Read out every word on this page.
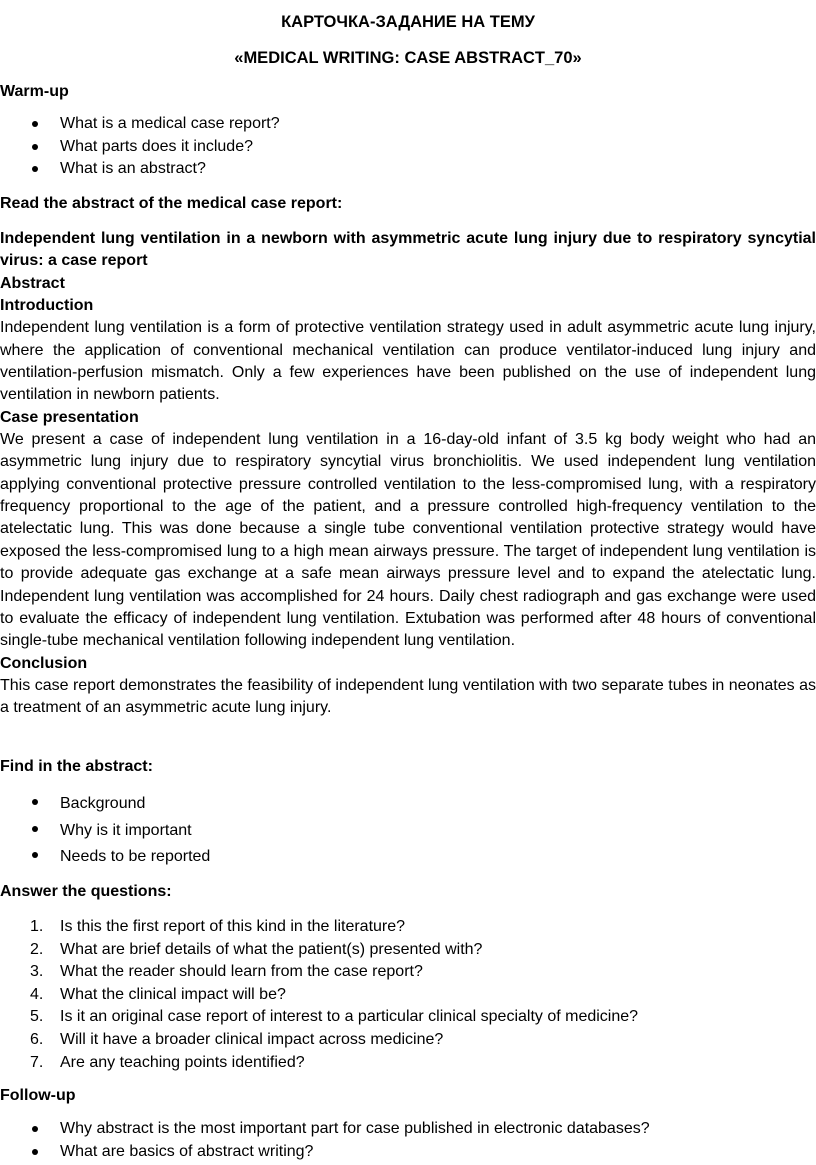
КАРТОЧКА-ЗАДАНИЕ НА ТЕМУ

«MEDICAL WRITING: CASE ABSTRACT_70»

Warm-up
What is a medical case report?
What parts does it include?
What is an abstract?
Read the abstract of the medical case report:

Independent lung ventilation in a newborn with asymmetric acute lung injury due to respiratory syncytial virus: a case report

Abstract

Introduction

Independent lung ventilation is a form of protective ventilation strategy used in adult asymmetric acute lung injury, where the application of conventional mechanical ventilation can produce ventilator-induced lung injury and ventilation-perfusion mismatch. Only a few experiences have been published on the use of independent lung ventilation in newborn patients.

Case presentation

We present a case of independent lung ventilation in a 16-day-old infant of 3.5 kg body weight who had an asymmetric lung injury due to respiratory syncytial virus bronchiolitis. We used independent lung ventilation applying conventional protective pressure controlled ventilation to the less-compromised lung, with a respiratory frequency proportional to the age of the patient, and a pressure controlled high-frequency ventilation to the atelectatic lung. This was done because a single tube conventional ventilation protective strategy would have exposed the less-compromised lung to a high mean airways pressure. The target of independent lung ventilation is to provide adequate gas exchange at a safe mean airways pressure level and to expand the atelectatic lung. Independent lung ventilation was accomplished for 24 hours. Daily chest radiograph and gas exchange were used to evaluate the efficacy of independent lung ventilation. Extubation was performed after 48 hours of conventional single-tube mechanical ventilation following independent lung ventilation.

Conclusion

This case report demonstrates the feasibility of independent lung ventilation with two separate tubes in neonates as a treatment of an asymmetric acute lung injury.

Find in the abstract:
Background
Why is it important
Needs to be reported
Answer the questions:
1. Is this the first report of this kind in the literature?
2. What are brief details of what the patient(s) presented with?
3. What the reader should learn from the case report?
4. What the clinical impact will be?
5. Is it an original case report of interest to a particular clinical specialty of medicine?
6. Will it have a broader clinical impact across medicine?
7. Are any teaching points identified?
Follow-up
Why abstract is the most important part for case published in electronic databases?
What are basics of abstract writing?
